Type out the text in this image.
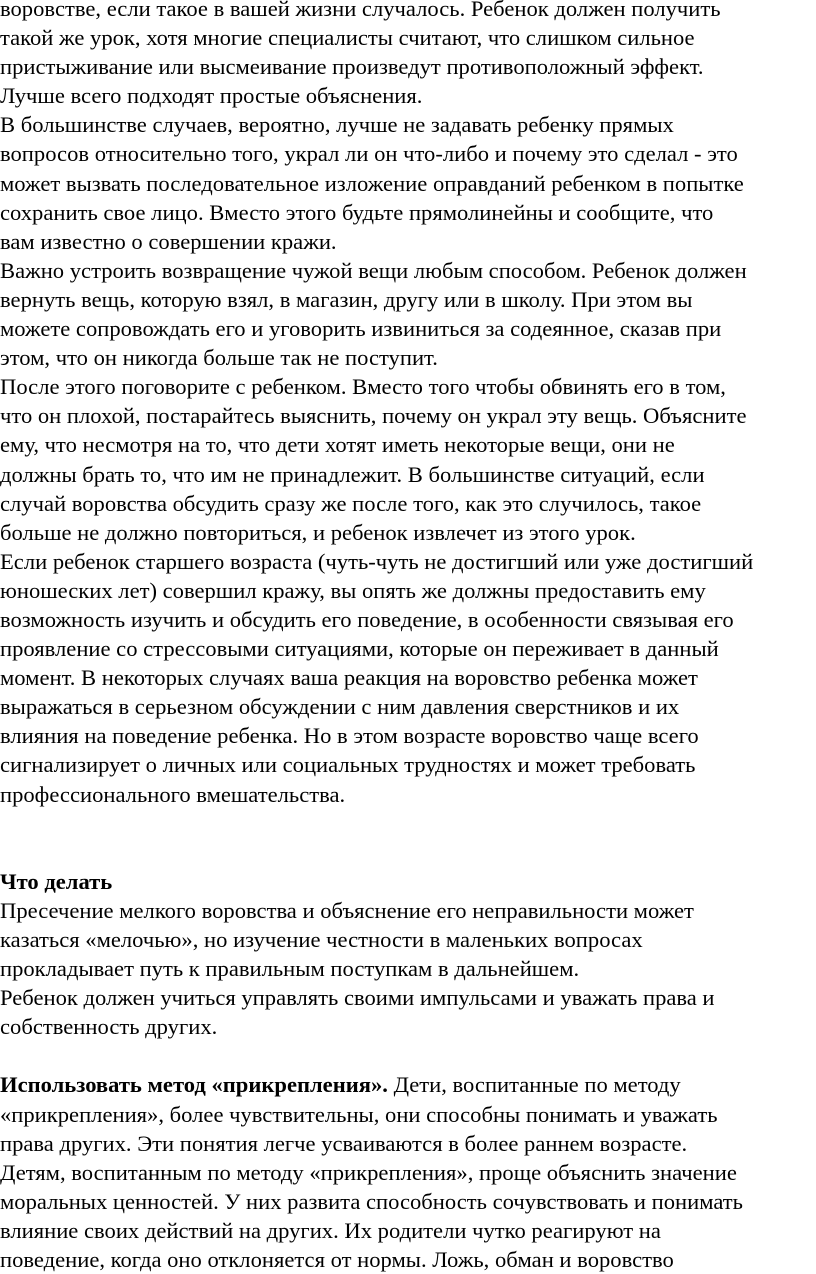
воровстве, если такое в вашей жизни случалось. Ребенок должен получить
такой же урок, хотя многие специалисты считают, что слишком сильное
пристыживание или высмеивание произведут противоположный эффект.
Лучше всего подходят простые объяснения.
В большинстве случаев, вероятно, лучше не задавать ребенку прямых
вопросов относительно того, украл ли он что-либо и почему это сделал - это
может вызвать последовательное изложение оправданий ребенком в попытке
сохранить свое лицо. Вместо этого будьте прямолинейны и сообщите, что
вам известно о совершении кражи.
Важно устроить возвращение чужой вещи любым способом. Ребенок должен
вернуть вещь, которую взял, в магазин, другу или в школу. При этом вы
можете сопровождать его и уговорить извиниться за содеянное, сказав при
этом, что он никогда больше так не поступит.
После этого поговорите с ребенком. Вместо того чтобы обвинять его в том,
что он плохой, постарайтесь выяснить, почему он украл эту вещь. Объясните
ему, что несмотря на то, что дети хотят иметь некоторые вещи, они не
должны брать то, что им не принадлежит. В большинстве ситуаций, если
случай воровства обсудить сразу же после того, как это случилось, такое
больше не должно повториться, и ребенок извлечет из этого урок.
Если ребенок старшего возраста (чуть-чуть не достигший или уже достигший
юношеских лет) совершил кражу, вы опять же должны предоставить ему
возможность изучить и обсудить его поведение, в особенности связывая его
проявление со стрессовыми ситуациями, которые он переживает в данный
момент. В некоторых случаях ваша реакция на воровство ребенка может
выражаться в серьезном обсуждении с ним давления сверстников и их
влияния на поведение ребенка. Но в этом возрасте воровство чаще всего
сигнализирует о личных или социальных трудностях и может требовать
профессионального вмешательства.
Что делать
Пресечение мелкого воровства и объяснение его неправильности может
казаться «мелочью», но изучение честности в маленьких вопросах
прокладывает путь к правильным поступкам в дальнейшем.
Ребенок должен учиться управлять своими импульсами и уважать права и
собственность других.
Использовать метод «прикрепления». Дети, воспитанные по методу
«прикрепления», более чувствительны, они способны понимать и уважать
права других. Эти понятия легче усваиваются в более раннем возрасте.
Детям, воспитанным по методу «прикрепления», проще объяснить значение
моральных ценностей. У них развита способность сочувствовать и понимать
влияние своих действий на других. Их родители чутко реагируют на
поведение, когда оно отклоняется от нормы. Ложь, обман и воровство
